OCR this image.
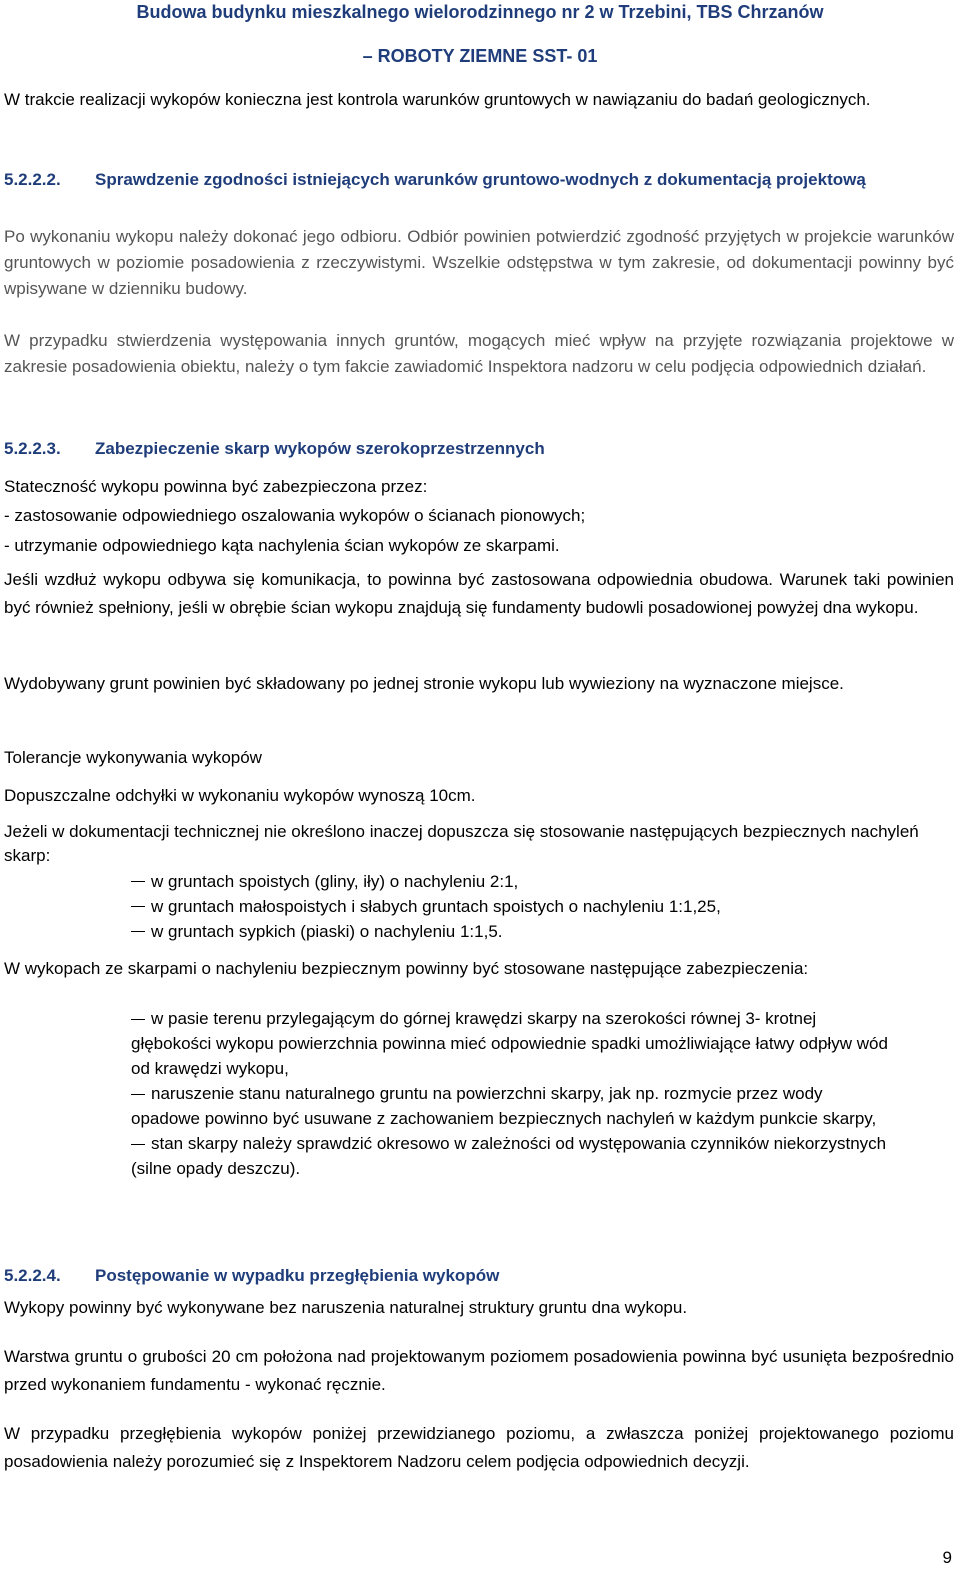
Budowa budynku mieszkalnego wielorodzinnego nr 2 w Trzebini, TBS Chrzanów
– ROBOTY ZIEMNE SST- 01
W trakcie realizacji wykopów konieczna jest kontrola warunków gruntowych w nawiązaniu do badań geologicznych.
5.2.2.2. Sprawdzenie zgodności istniejących warunków gruntowo-wodnych z dokumentacją projektową
Po wykonaniu wykopu należy dokonać jego odbioru. Odbiór powinien potwierdzić zgodność przyjętych w projekcie warunków gruntowych w poziomie posadowienia z rzeczywistymi. Wszelkie odstępstwa w tym zakresie, od dokumentacji powinny być wpisywane w dzienniku budowy.
W przypadku stwierdzenia występowania innych gruntów, mogących mieć wpływ na przyjęte rozwiązania projektowe w zakresie posadowienia obiektu, należy o tym fakcie zawiadomić Inspektora nadzoru w celu podjęcia odpowiednich działań.
5.2.2.3. Zabezpieczenie skarp wykopów szerokoprzestrzennych
Stateczność wykopu powinna być zabezpieczona przez:
- zastosowanie odpowiedniego oszalowania wykopów o ścianach pionowych;
- utrzymanie odpowiedniego kąta nachylenia ścian wykopów ze skarpami.
Jeśli wzdłuż wykopu odbywa się komunikacja, to powinna być zastosowana odpowiednia obudowa. Warunek taki powinien być również spełniony, jeśli w obrębie ścian wykopu znajdują się fundamenty budowli posadowionej powyżej dna wykopu.
Wydobywany grunt powinien być składowany po jednej stronie wykopu lub wywieziony na wyznaczone miejsce.
Tolerancje wykonywania wykopów
Dopuszczalne odchyłki w wykonaniu wykopów wynoszą 10cm.
Jeżeli w dokumentacji technicznej nie określono inaczej dopuszcza się stosowanie następujących bezpiecznych nachyleń skarp:
w gruntach spoistych (gliny, iły) o nachyleniu 2:1,
w gruntach małospoistych i słabych gruntach spoistych o nachyleniu 1:1,25,
w gruntach sypkich (piaski) o nachyleniu 1:1,5.
W wykopach ze skarpami o nachyleniu bezpiecznym powinny być stosowane następujące zabezpieczenia:
w pasie terenu przylegającym do górnej krawędzi skarpy na szerokości równej 3- krotnej głębokości wykopu powierzchnia powinna mieć odpowiednie spadki umożliwiające łatwy odpływ wód od krawędzi wykopu,
naruszenie stanu naturalnego gruntu na powierzchni skarpy, jak np. rozmycie przez wody opadowe powinno być usuwane z zachowaniem bezpiecznych nachyleń w każdym punkcie skarpy,
stan skarpy należy sprawdzić okresowo w zależności od występowania czynników niekorzystnych (silne opady deszczu).
5.2.2.4. Postępowanie w wypadku przegłębienia wykopów
Wykopy powinny być wykonywane bez naruszenia naturalnej struktury gruntu dna wykopu.
Warstwa gruntu o grubości 20 cm położona nad projektowanym poziomem posadowienia powinna być usunięta bezpośrednio przed wykonaniem fundamentu - wykonać ręcznie.
W przypadku przegłębienia wykopów poniżej przewidzianego poziomu, a zwłaszcza poniżej projektowanego poziomu posadowienia należy porozumieć się z Inspektorem Nadzoru celem podjęcia odpowiednich decyzji.
9
